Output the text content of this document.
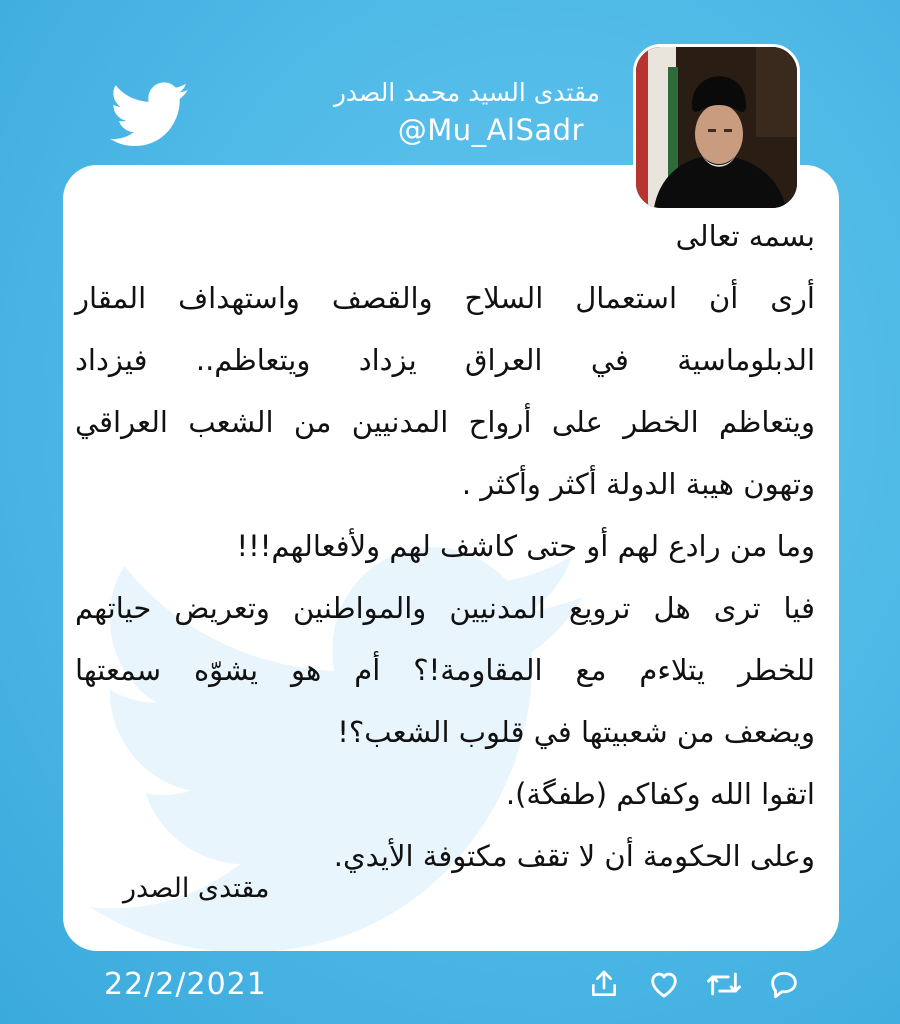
مقتدى السيد محمد الصدر
@Mu_AlSadr
بسمه تعالى
أرى أن استعمال السلاح والقصف واستهداف المقار
الدبلوماسية في العراق يزداد ويتعاظم.. فيزداد
ويتعاظم الخطر على أرواح المدنيين من الشعب العراقي
وتهون هيبة الدولة أكثر وأكثر .
وما من رادع لهم أو حتى كاشف لهم ولأفعالهم!!!
فيا ترى هل ترويع المدنيين والمواطنين وتعريض حياتهم
للخطر يتلاءم مع المقاومة!؟ أم هو يشوّه سمعتها
ويضعف من شعبيتها في قلوب الشعب؟!
اتقوا الله وكفاكم (طفگة).
وعلى الحكومة أن لا تقف مكتوفة الأيدي.
مقتدى الصدر
22/2/2021
